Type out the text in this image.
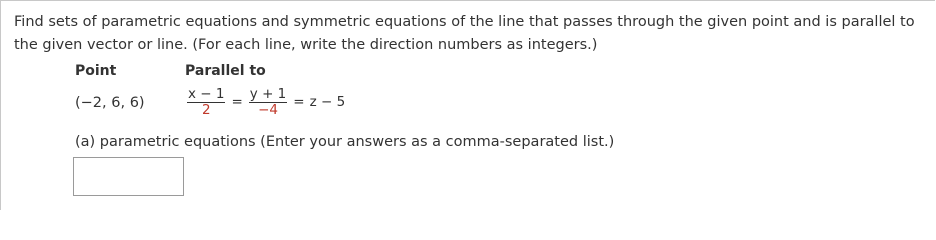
Find sets of parametric equations and symmetric equations of the line that passes through the given point and is parallel to the given vector or line. (For each line, write the direction numbers as integers.)
Point	Parallel to
(−2, 6, 6)	$\frac{x - 1}{2} = \frac{y + 1}{-4} = z - 5$
(a) parametric equations (Enter your answers as a comma-separated list.)
